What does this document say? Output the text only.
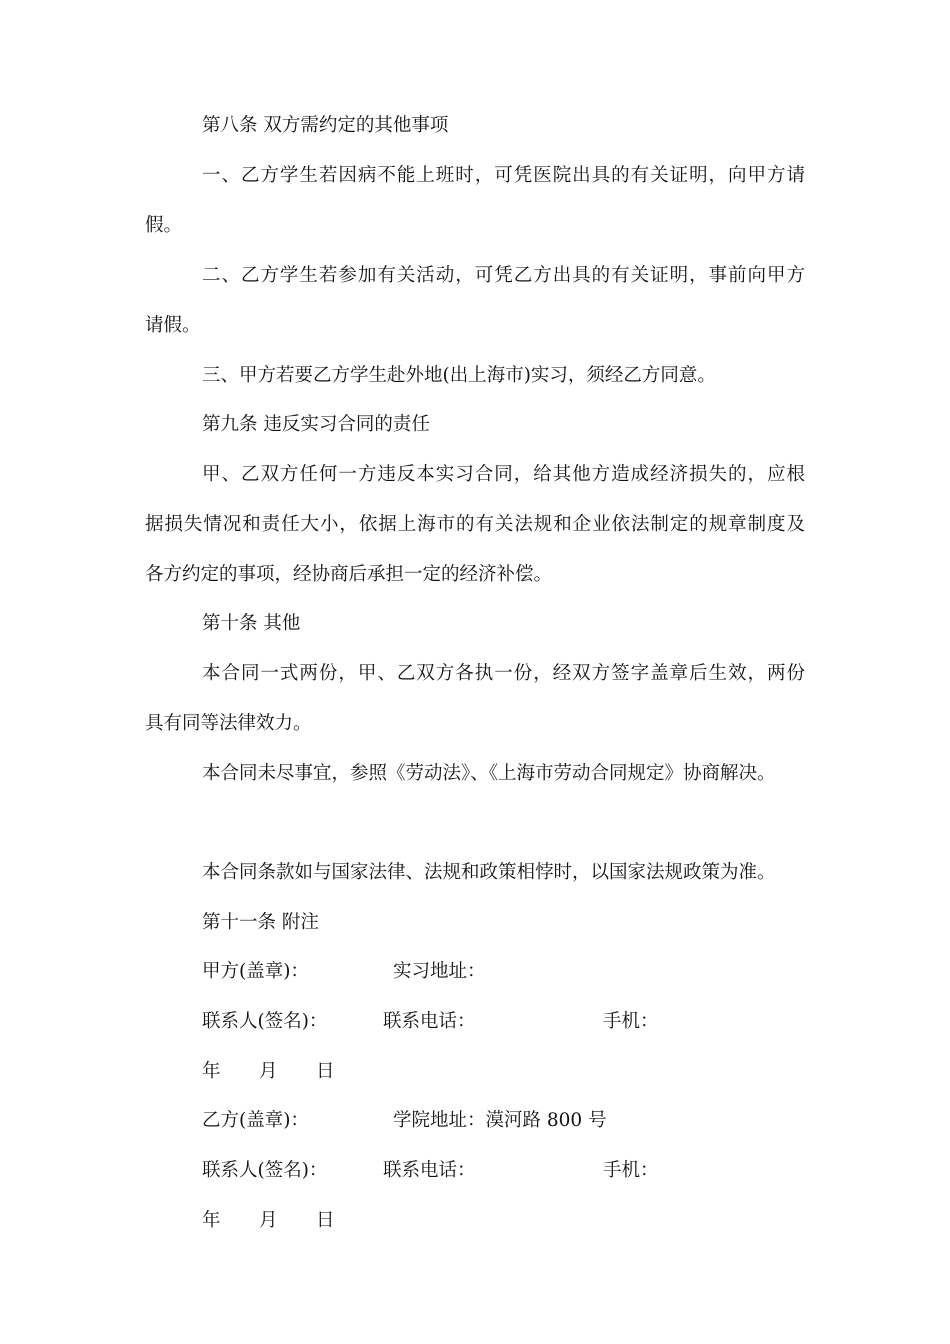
第八条 双方需约定的其他事项
一、乙方学生若因病不能上班时，可凭医院出具的有关证明，向甲方请
假。
二、乙方学生若参加有关活动，可凭乙方出具的有关证明，事前向甲方
请假。
三、甲方若要乙方学生赴外地(出上海市)实习，须经乙方同意。
第九条 违反实习合同的责任
甲、乙双方任何一方违反本实习合同，给其他方造成经济损失的，应根
据损失情况和责任大小，依据上海市的有关法规和企业依法制定的规章制度及
各方约定的事项，经协商后承担一定的经济补偿。
第十条 其他
本合同一式两份，甲、乙双方各执一份，经双方签字盖章后生效，两份
具有同等法律效力。
本合同未尽事宜，参照《劳动法》、《上海市劳动合同规定》协商解决。
本合同条款如与国家法律、法规和政策相悖时，以国家法规政策为准。
第十一条 附注
甲方(盖章)：	实习地址：
联系人(签名)：	联系电话：	手机：
年 月 日
乙方(盖章)：	学院地址：漠河路 800 号
联系人(签名)：	联系电话：	手机：
年 月 日
